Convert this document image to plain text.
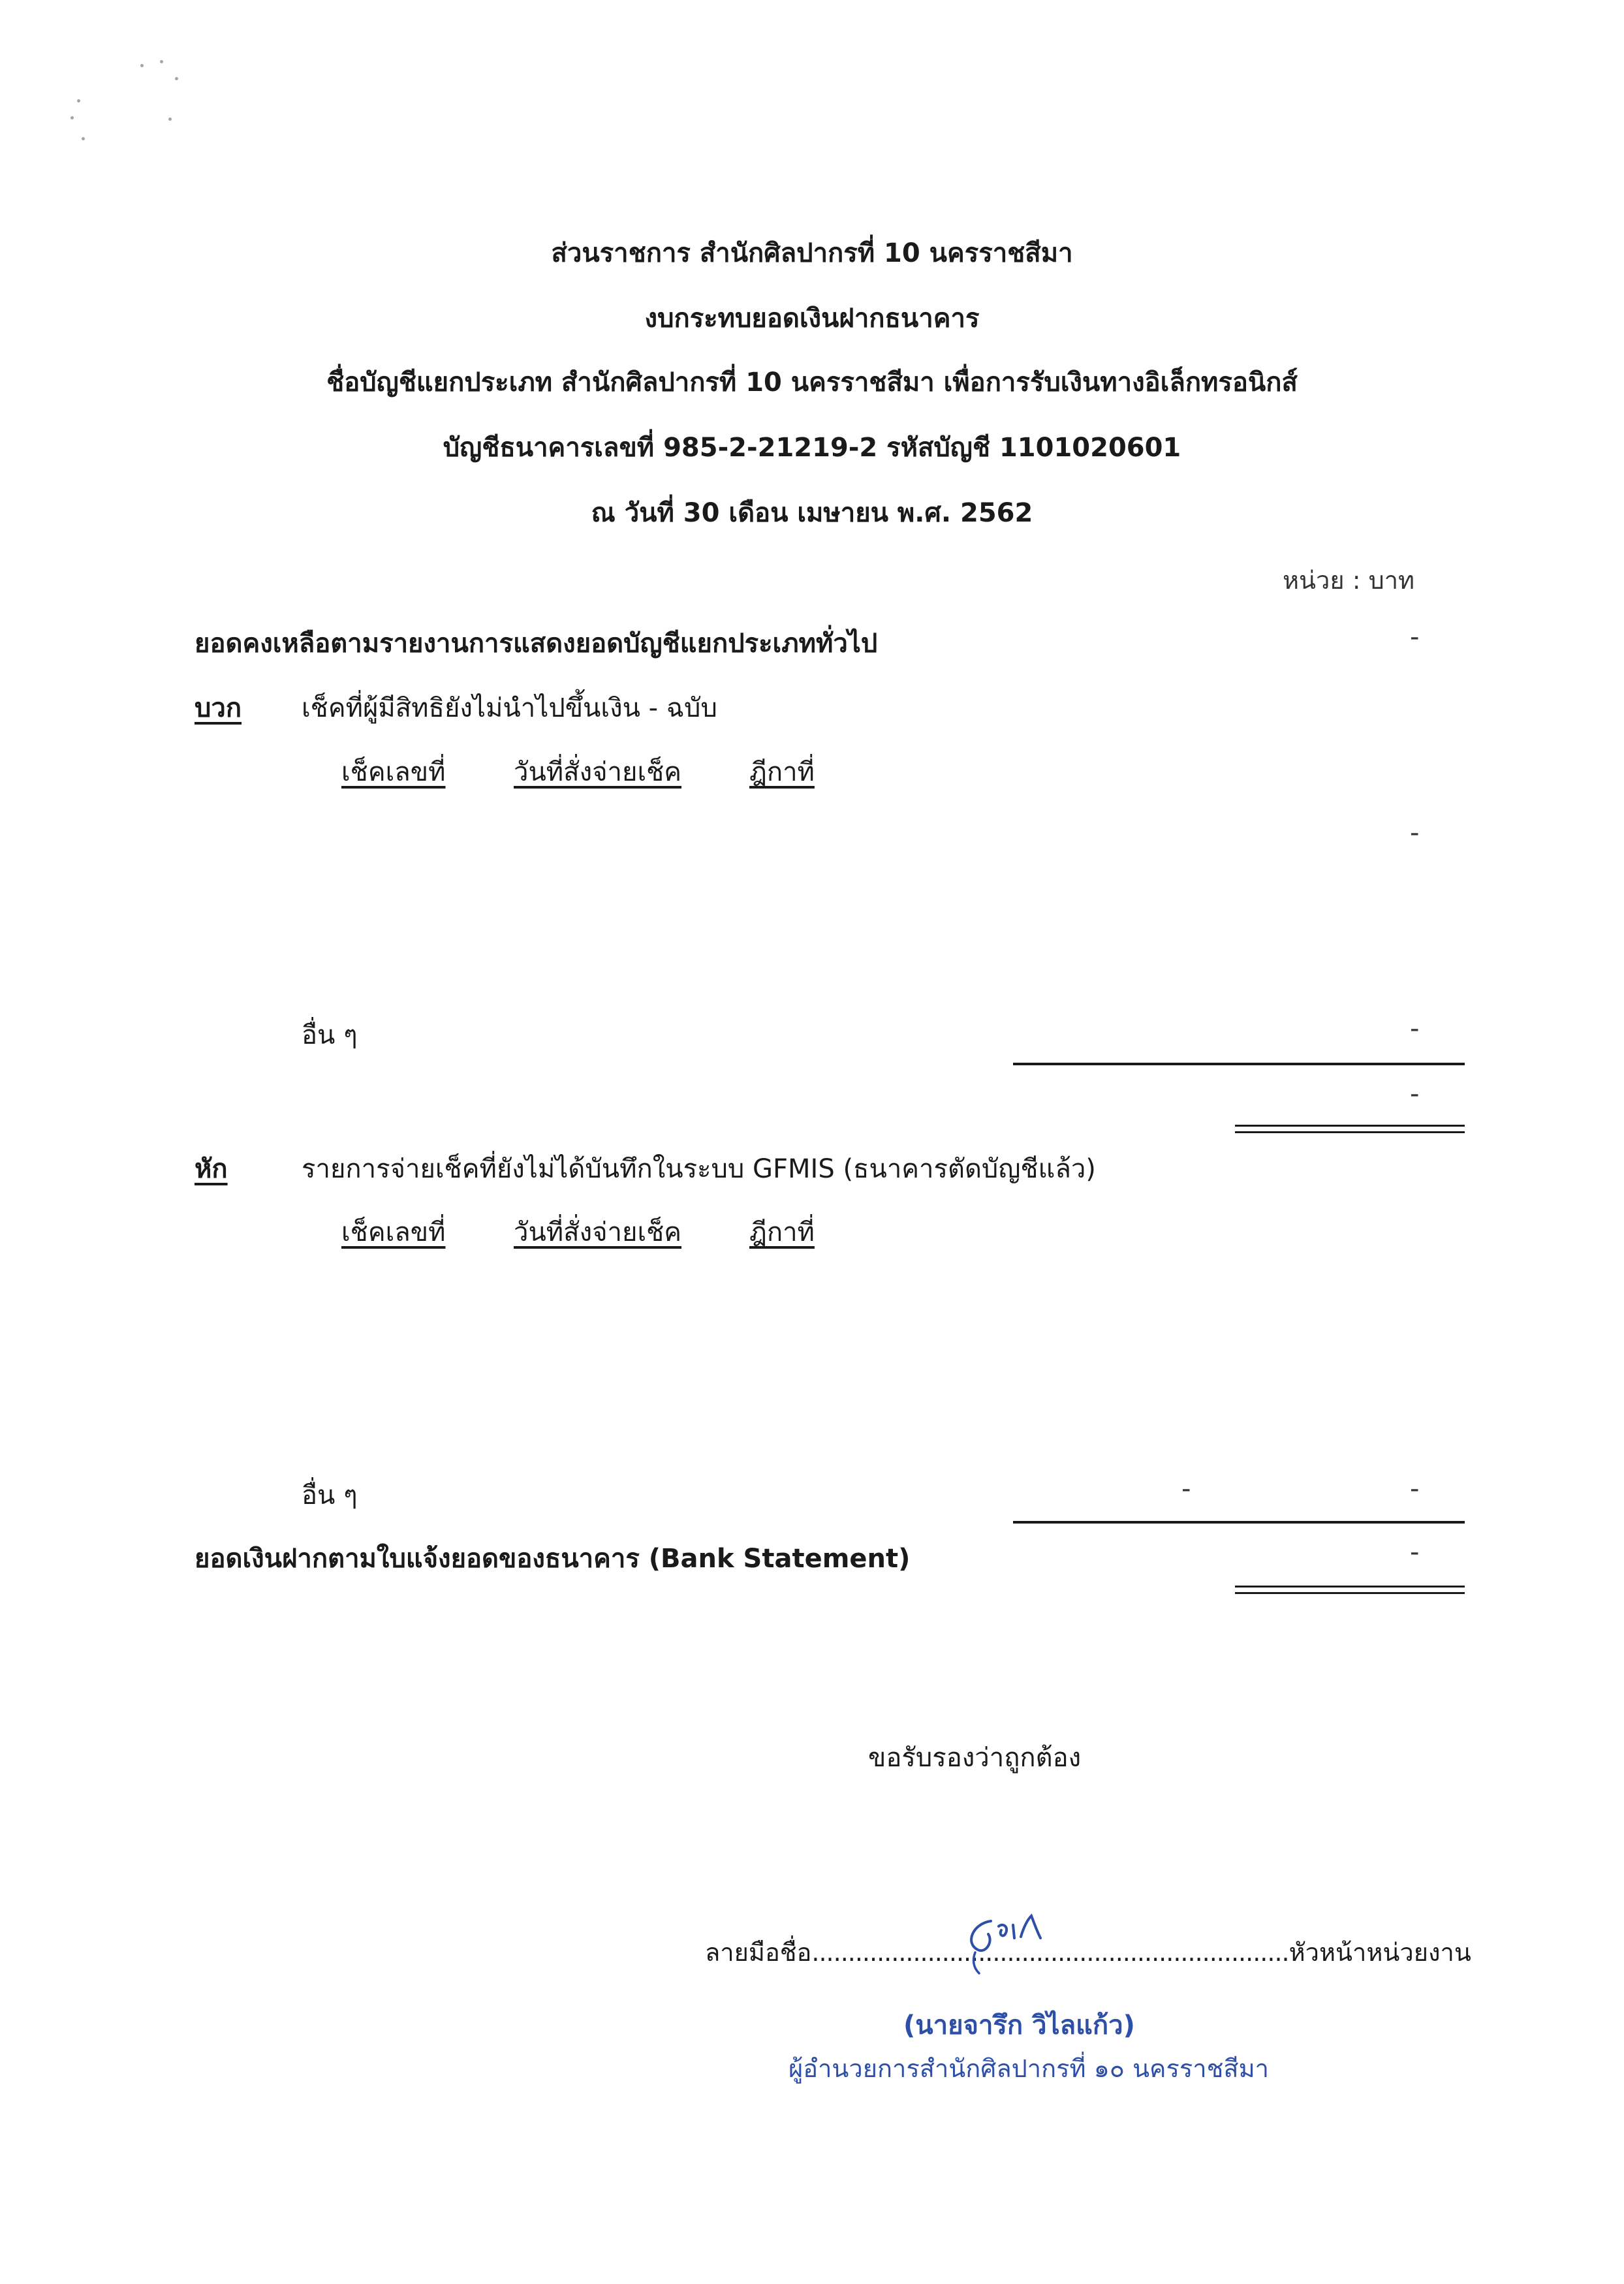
ส่วนราชการ สำนักศิลปากรที่ 10 นครราชสีมา
งบกระทบยอดเงินฝากธนาคาร
ชื่อบัญชีแยกประเภท สำนักศิลปากรที่ 10 นครราชสีมา เพื่อการรับเงินทางอิเล็กทรอนิกส์
บัญชีธนาคารเลขที่ 985-2-21219-2 รหัสบัญชี 1101020601
ณ วันที่ 30 เดือน เมษายน พ.ศ. 2562
หน่วย : บาท
ยอดคงเหลือตามรายงานการแสดงยอดบัญชีแยกประเภททั่วไป	-
บวก เช็คที่ผู้มีสิทธิยังไม่นำไปขึ้นเงิน - ฉบับ
เช็คเลขที่	วันที่สั่งจ่ายเช็ค	ฎีกาที่
-
อื่น ๆ	-
-
หัก	รายการจ่ายเช็คที่ยังไม่ได้บันทึกในระบบ GFMIS (ธนาคารตัดบัญชีแล้ว)
เช็คเลขที่	วันที่สั่งจ่ายเช็ค	ฎีกาที่
อื่น ๆ	-	-
ยอดเงินฝากตามใบแจ้งยอดของธนาคาร (Bank Statement)	-
ขอรับรองว่าถูกต้อง
ลายมือชื่อ..................................................................หัวหน้าหน่วยงาน
(นายจารึก วิไลแก้ว)
ผู้อำนวยการสำนักศิลปากรที่ ๑๐ นครราชสีมา
